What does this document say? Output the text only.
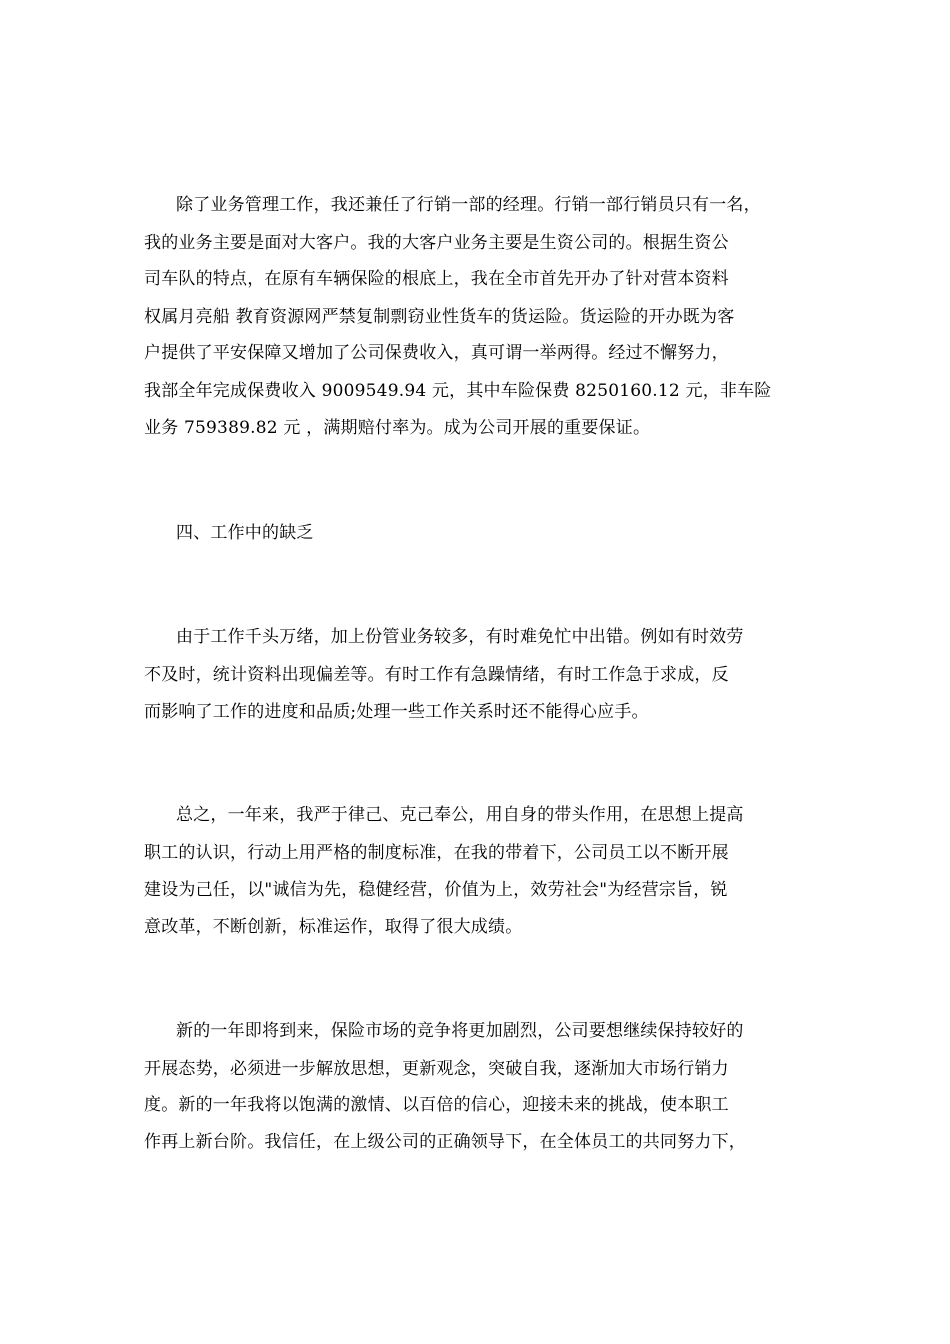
除了业务管理工作，我还兼任了行销一部的经理。行销一部行销员只有一名，
我的业务主要是面对大客户。我的大客户业务主要是生资公司的。根据生资公
司车队的特点，在原有车辆保险的根底上，我在全市首先开办了针对营本资料
权属月亮船 教育资源网严禁复制剽窃业性货车的货运险。货运险的开办既为客
户提供了平安保障又增加了公司保费收入，真可谓一举两得。经过不懈努力，
我部全年完成保费收入 9009549.94 元，其中车险保费 8250160.12 元，非车险
业务 759389.82 元 ，满期赔付率为。成为公司开展的重要保证。
四、工作中的缺乏
由于工作千头万绪，加上份管业务较多，有时难免忙中出错。例如有时效劳
不及时，统计资料出现偏差等。有时工作有急躁情绪，有时工作急于求成，反
而影响了工作的进度和品质;处理一些工作关系时还不能得心应手。
总之，一年来，我严于律己、克己奉公，用自身的带头作用，在思想上提高
职工的认识，行动上用严格的制度标准，在我的带着下，公司员工以不断开展
建设为己任，以"诚信为先，稳健经营，价值为上，效劳社会"为经营宗旨，锐
意改革，不断创新，标准运作，取得了很大成绩。
新的一年即将到来，保险市场的竞争将更加剧烈，公司要想继续保持较好的
开展态势，必须进一步解放思想，更新观念，突破自我，逐渐加大市场行销力
度。新的一年我将以饱满的激情、以百倍的信心，迎接未来的挑战，使本职工
作再上新台阶。我信任，在上级公司的正确领导下，在全体员工的共同努力下，
